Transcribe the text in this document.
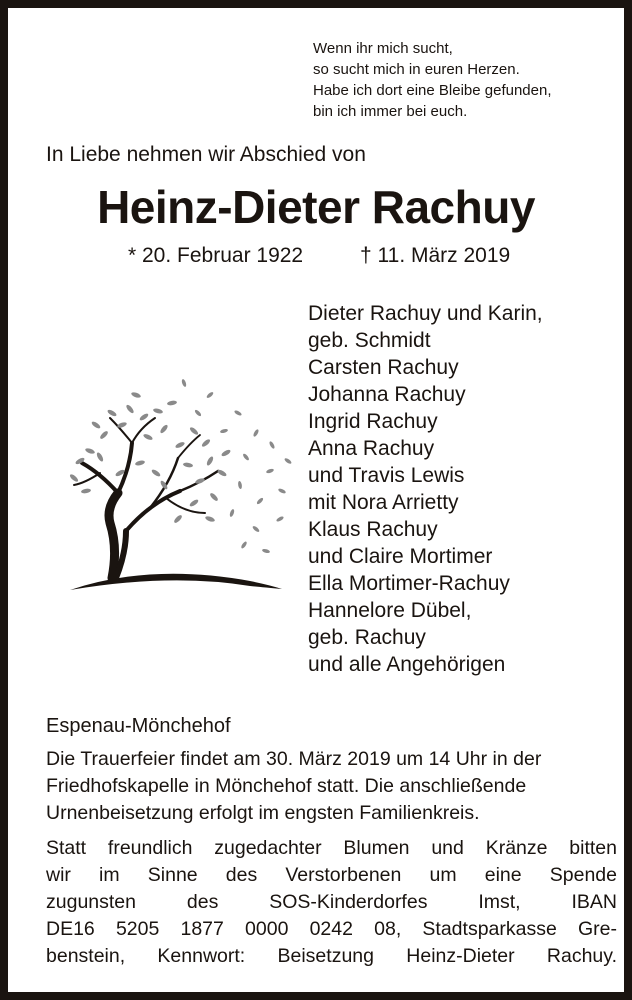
Wenn ihr mich sucht,
so sucht mich in euren Herzen.
Habe ich dort eine Bleibe gefunden,
bin ich immer bei euch.
In Liebe nehmen wir Abschied von
Heinz-Dieter Rachuy
* 20. Februar 1922	† 11. März 2019
Dieter Rachuy und Karin,
geb. Schmidt
Carsten Rachuy
Johanna Rachuy
Ingrid Rachuy
Anna Rachuy
und Travis Lewis
mit Nora Arrietty
Klaus Rachuy
und Claire Mortimer
Ella Mortimer-Rachuy
Hannelore Dübel,
geb. Rachuy
und alle Angehörigen
Espenau-Mönchehof
Die Trauerfeier findet am 30. März 2019 um 14 Uhr in der
Friedhofskapelle in Mönchehof statt. Die anschließende
Urnenbeisetzung erfolgt im engsten Familienkreis.
Statt freundlich zugedachter Blumen und Kränze bitten
wir im Sinne des Verstorbenen um eine Spende
zugunsten des SOS-Kinderdorfes Imst, IBAN
DE16 5205 1877 0000 0242 08, Stadtsparkasse Gre-
benstein, Kennwort: Beisetzung Heinz-Dieter Rachuy.
